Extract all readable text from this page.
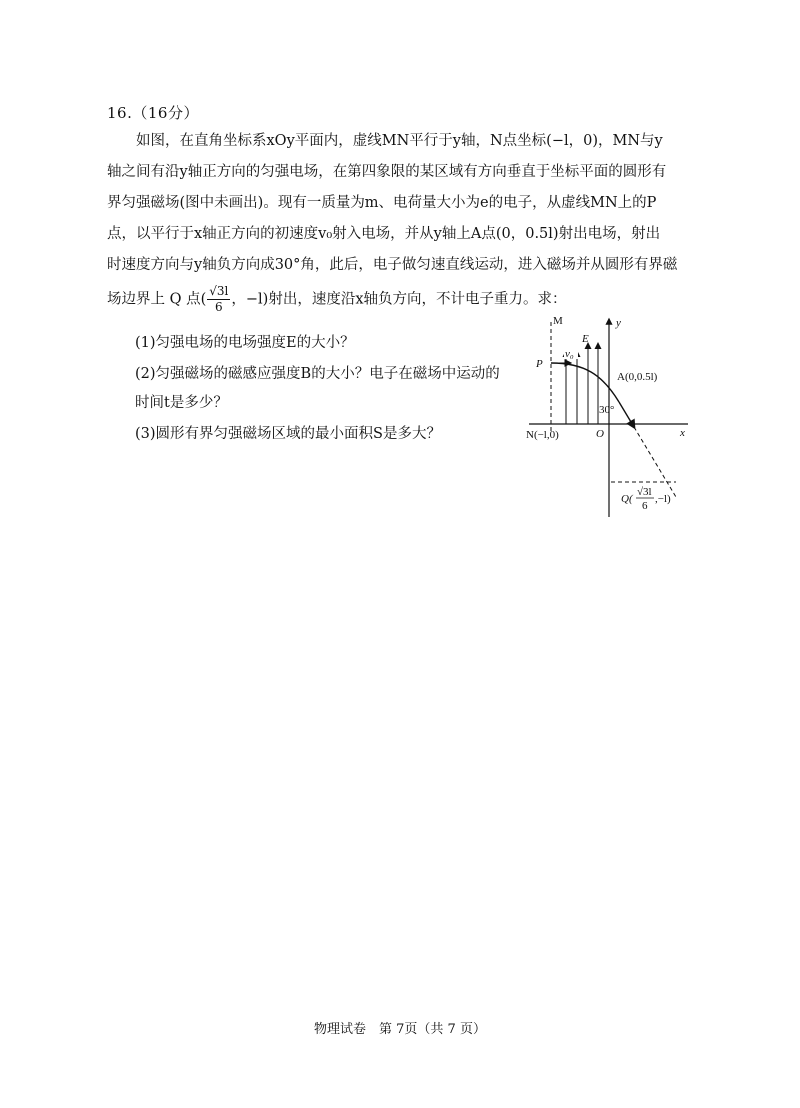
16.（16分）
如图，在直角坐标系xOy平面内，虚线MN平行于y轴，N点坐标(−l，0)，MN与y
轴之间有沿y轴正方向的匀强电场，在第四象限的某区域有方向垂直于坐标平面的圆形有
界匀强磁场(图中未画出)。现有一质量为m、电荷量大小为e的电子，从虚线MN上的P
点，以平行于x轴正方向的初速度v₀射入电场，并从y轴上A点(0，0.5l)射出电场，射出
时速度方向与y轴负方向成30°角，此后，电子做匀速直线运动，进入磁场并从圆形有界磁
场边界上 Q 点( $\frac{√3l}{6}$ ，−l)射出，速度沿x轴负方向，不计电子重力。求：
(1)匀强电场的电场强度E的大小？
(2)匀强磁场的磁感应强度B的大小？电子在磁场中运动的
时间t是多少？
(3)圆形有界匀强磁场区域的最小面积S是多大？
M	y
x
E
P
v₀
A(0,0.5l)
30°
N(−l,0)	O
Q(
√3l
6
,−l)
物理试卷　第 7页（共 7 页）
